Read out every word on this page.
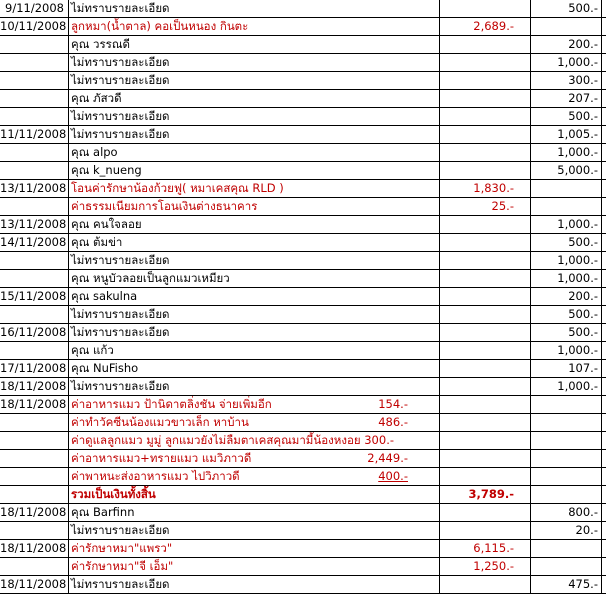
9/11/2008 ไม่ทราบรายละเอียด	500.-
10/11/2008 ลูกหมา(น้ำตาล) คอเป็นหนอง กินตะ	2,689.-
คุณ วรรณดี	200.-
ไม่ทราบรายละเอียด	1,000.-
ไม่ทราบรายละเอียด	300.-
คุณ ภัสวดี	207.-
ไม่ทราบรายละเอียด	500.-
11/11/2008 ไม่ทราบรายละเอียด	1,005.-
คุณ alpo	1,000.-
คุณ k_nueng	5,000.-
13/11/2008 โอนค่ารักษาน้องก้วยฟู( หมาเคสคุณ RLD )	1,830.-
ค่าธรรมเนียมการโอนเงินต่างธนาคาร	25.-
13/11/2008 คุณ คนใจลอย	1,000.-
14/11/2008 คุณ ต้มข่า	500.-
ไม่ทราบรายละเอียด	1,000.-
คุณ หนูบัวลอยเป็นลูกแมวเหมียว	1,000.-
15/11/2008 คุณ sakulna	200.-
ไม่ทราบรายละเอียด	500.-
16/11/2008 ไม่ทราบรายละเอียด	500.-
คุณ แก้ว	1,000.-
17/11/2008 คุณ NuFisho	107.-
18/11/2008 ไม่ทราบรายละเอียด	1,000.-
18/11/2008 ค่าอาหารแมว ป้านิดาตลิ่งชัน จ่ายเพิ่มอีก	154.-
ค่าทำวัคซีนน้องแมวขาวเล็ก หาบ้าน	486.-
ค่าดูแลลูกแมว มูมู่ ลูกแมวยังไม่ลืมตาเคสคุณมามี้น้องหงอย 300.-
ค่าอาหารแมว+ทรายแมว แมวิภาวดี	2,449.-
ค่าพาหนะส่งอาหารแมว ไปวิภาวดี	400.-
รวมเป็นเงินทั้งสิ้น	3,789.-
18/11/2008 คุณ Barfinn	800.-
ไม่ทราบรายละเอียด	20.-
18/11/2008 ค่ารักษาหมา"แพรว"	6,115.-
ค่ารักษาหมา"จี เอ็ม"	1,250.-
18/11/2008 ไม่ทราบรายละเอียด	475.-
